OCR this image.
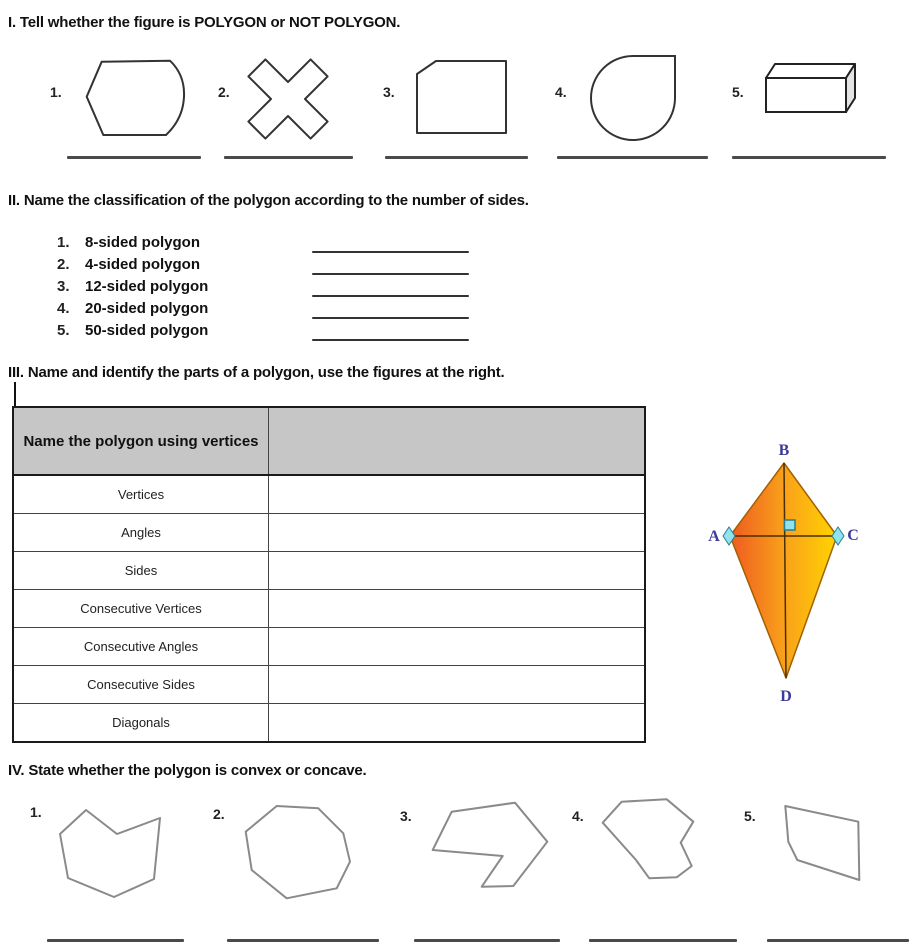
I. Tell whether the figure is POLYGON or NOT POLYGON.
1.	2.	3.	4.	5.
II. Name the classification of the polygon according to the number of sides.
1.	8-sided polygon
2.	4-sided polygon
3.	12-sided polygon
4.	20-sided polygon
5.	50-sided polygon
III. Name and identify the parts of a polygon, use the figures at the right.
Name the polygon using vertices	
Vertices	
Angles	
Sides	
Consecutive Vertices	
Consecutive Angles	
Consecutive Sides	
Diagonals	
B
A	C
D
IV. State whether the polygon is convex or concave.
1.	2.	3.	4.	5.
